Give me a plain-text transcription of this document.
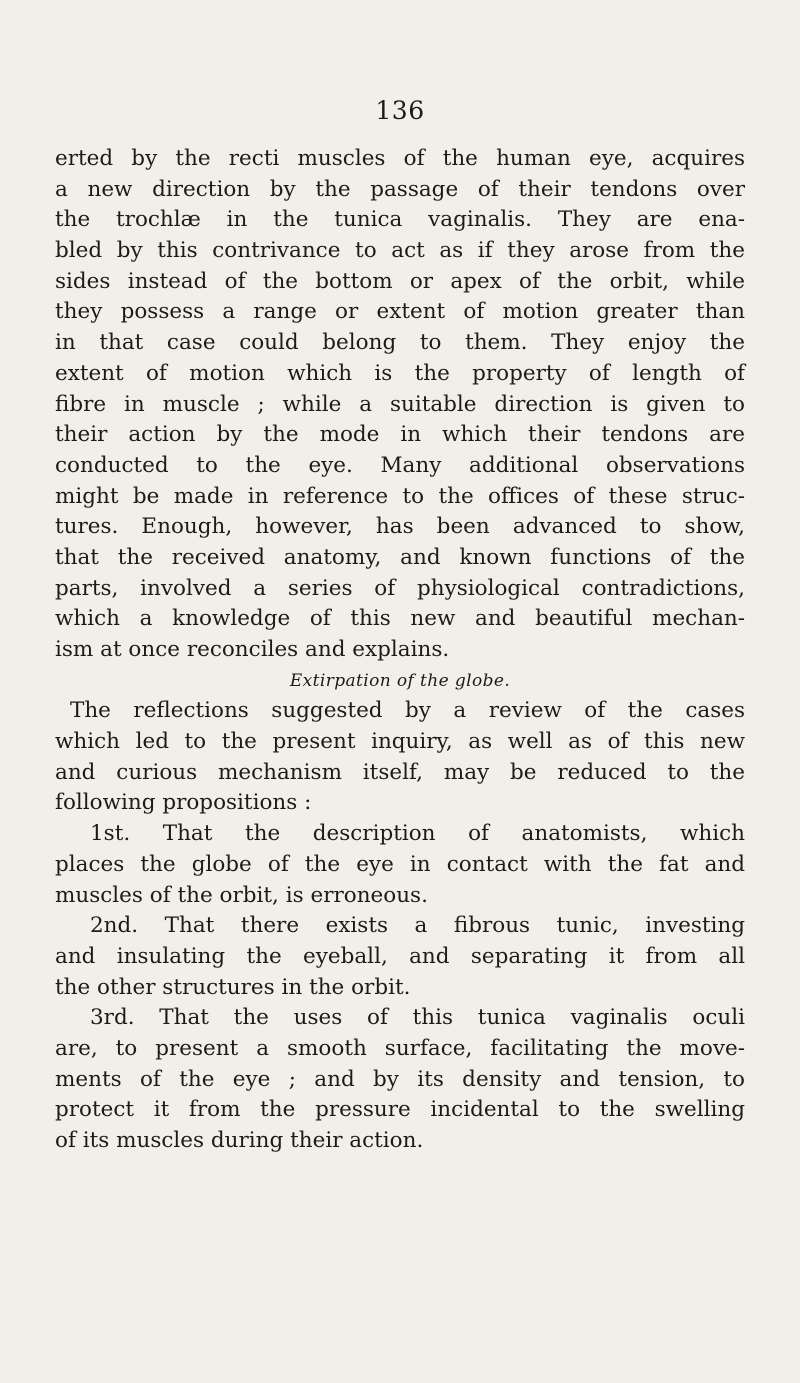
136
erted by the recti muscles of the human eye, acquires
a new direction by the passage of their tendons over
the trochlæ in the tunica vaginalis. They are ena-
bled by this contrivance to act as if they arose from the
sides instead of the bottom or apex of the orbit, while
they possess a range or extent of motion greater than
in that case could belong to them. They enjoy the
extent of motion which is the property of length of
fibre in muscle ; while a suitable direction is given to
their action by the mode in which their tendons are
conducted to the eye. Many additional observations
might be made in reference to the offices of these struc-
tures. Enough, however, has been advanced to show,
that the received anatomy, and known functions of the
parts, involved a series of physiological contradictions,
which a knowledge of this new and beautiful mechan-
ism at once reconciles and explains.
Extirpation of the globe.
The reflections suggested by a review of the cases
which led to the present inquiry, as well as of this new
and curious mechanism itself, may be reduced to the
following propositions :
1st. That the description of anatomists, which
places the globe of the eye in contact with the fat and
muscles of the orbit, is erroneous.
2nd. That there exists a fibrous tunic, investing
and insulating the eyeball, and separating it from all
the other structures in the orbit.
3rd. That the uses of this tunica vaginalis oculi
are, to present a smooth surface, facilitating the move-
ments of the eye ; and by its density and tension, to
protect it from the pressure incidental to the swelling
of its muscles during their action.
